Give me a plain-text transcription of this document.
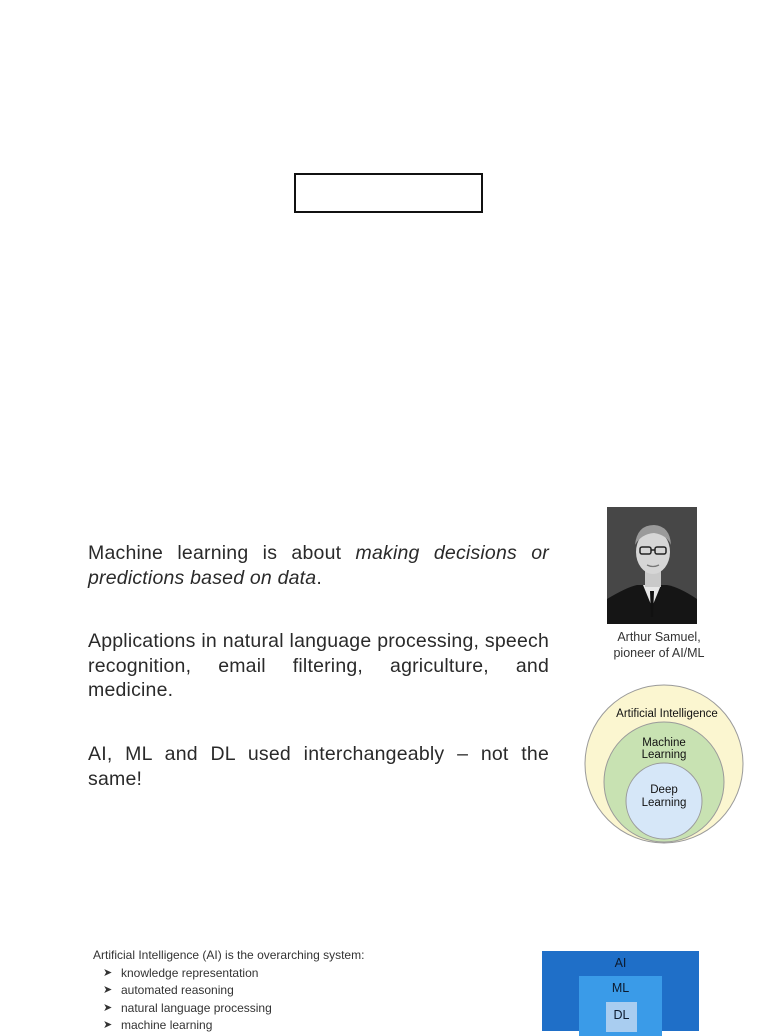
Machine learning is about making decisions or predictions based on data.
Applications in natural language processing, speech recognition, email filtering, agriculture, and medicine.
AI, ML and DL used interchangeably – not the same!
Arthur Samuel,
pioneer of AI/ML
Artificial Intelligence
Machine
Learning
Deep
Learning
Artificial Intelligence (AI) is the overarching system:
➤ knowledge representation
➤ automated reasoning
➤ natural language processing
➤ machine learning
AI
ML
DL
